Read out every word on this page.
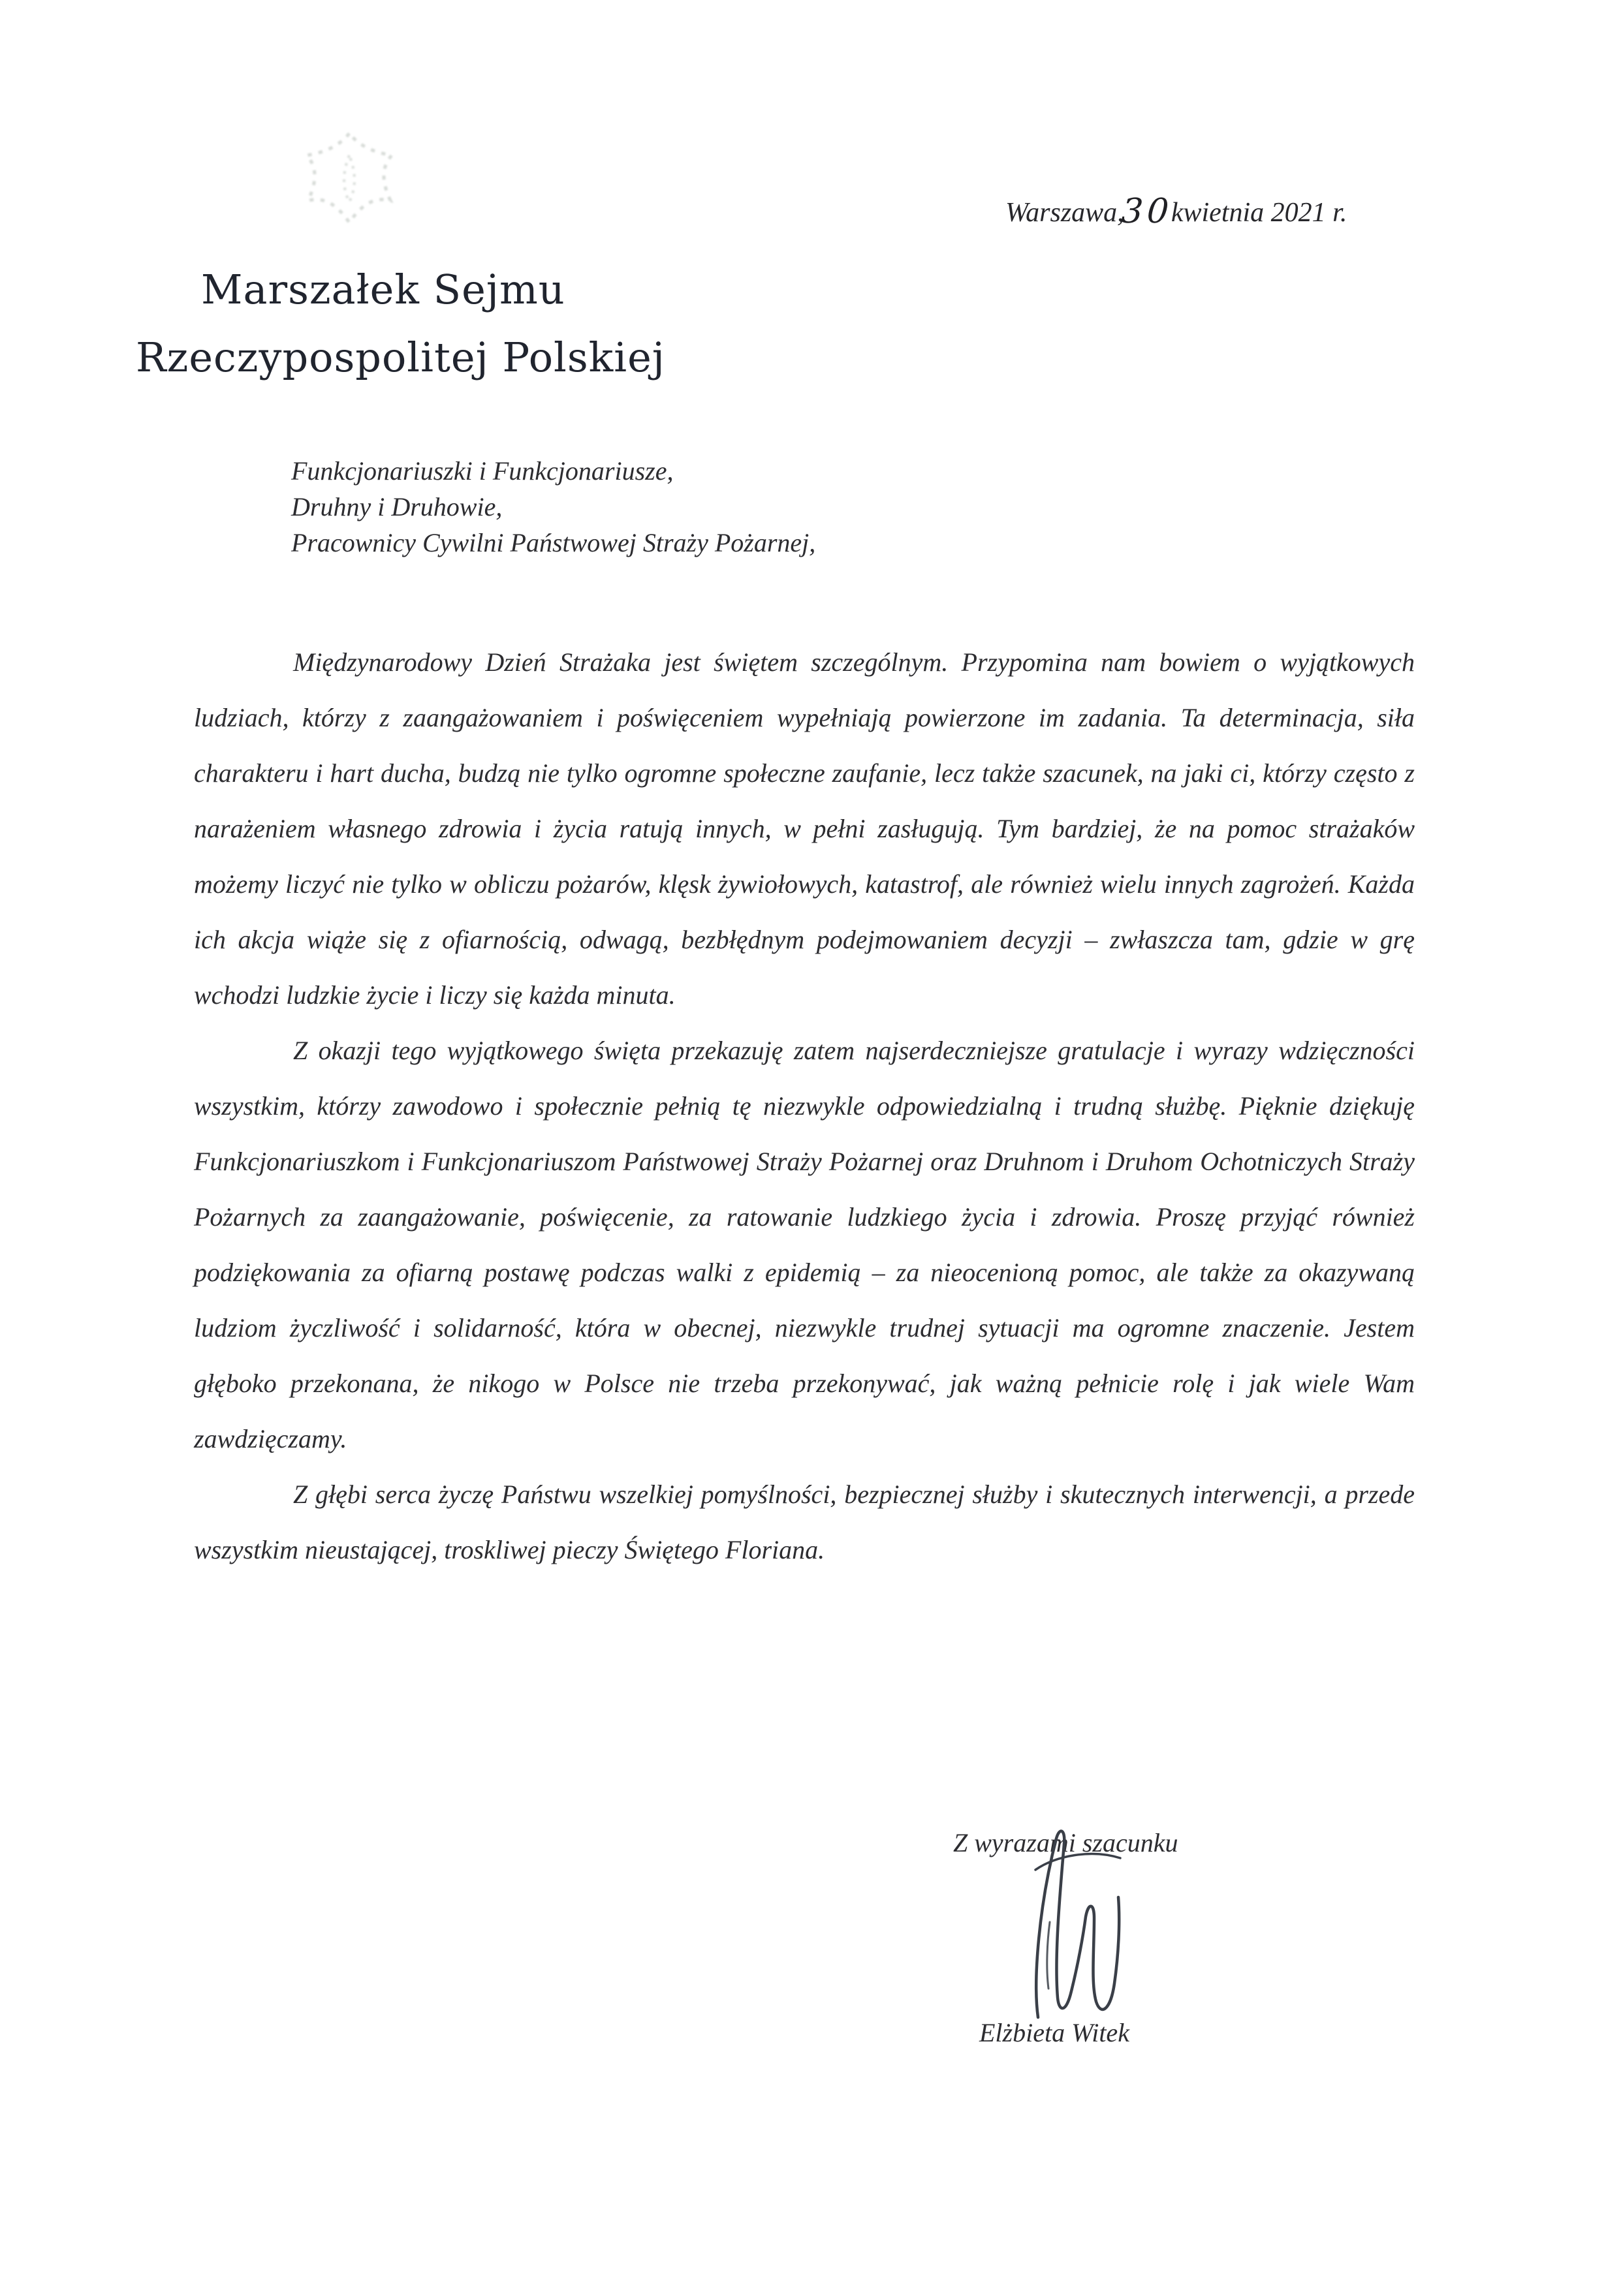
Warszawa,30kwietnia 2021 r.
Marszałek Sejmu
Rzeczypospolitej Polskiej
Funkcjonariuszki i Funkcjonariusze,
Druhny i Druhowie,
Pracownicy Cywilni Państwowej Straży Pożarnej,

Międzynarodowy Dzień Strażaka jest świętem szczególnym. Przypomina nam bowiem o wyjątkowych ludziach, którzy z zaangażowaniem i poświęceniem wypełniają powierzone im zadania. Ta determinacja, siła charakteru i hart ducha, budzą nie tylko ogromne społeczne zaufanie, lecz także szacunek, na jaki ci, którzy często z narażeniem własnego zdrowia i życia ratują innych, w pełni zasługują. Tym bardziej, że na pomoc strażaków możemy liczyć nie tylko w obliczu pożarów, klęsk żywiołowych, katastrof, ale również wielu innych zagrożeń. Każda ich akcja wiąże się z ofiarnością, odwagą, bezbłędnym podejmowaniem decyzji – zwłaszcza tam, gdzie w grę wchodzi ludzkie życie i liczy się każda minuta.

Z okazji tego wyjątkowego święta przekazuję zatem najserdeczniejsze gratulacje i wyrazy wdzięczności wszystkim, którzy zawodowo i społecznie pełnią tę niezwykle odpowiedzialną i trudną służbę. Pięknie dziękuję Funkcjonariuszkom i Funkcjonariuszom Państwowej Straży Pożarnej oraz Druhnom i Druhom Ochotniczych Straży Pożarnych za zaangażowanie, poświęcenie, za ratowanie ludzkiego życia i zdrowia. Proszę przyjąć również podziękowania za ofiarną postawę podczas walki z epidemią – za nieocenioną pomoc, ale także za okazywaną ludziom życzliwość i solidarność, która w obecnej, niezwykle trudnej sytuacji ma ogromne znaczenie. Jestem głęboko przekonana, że nikogo w Polsce nie trzeba przekonywać, jak ważną pełnicie rolę i jak wiele Wam zawdzięczamy.

Z głębi serca życzę Państwu wszelkiej pomyślności, bezpiecznej służby i skutecznych interwencji, a przede wszystkim nieustającej, troskliwej pieczy Świętego Floriana.

Z wyrazami szacunku
Elżbieta Witek
